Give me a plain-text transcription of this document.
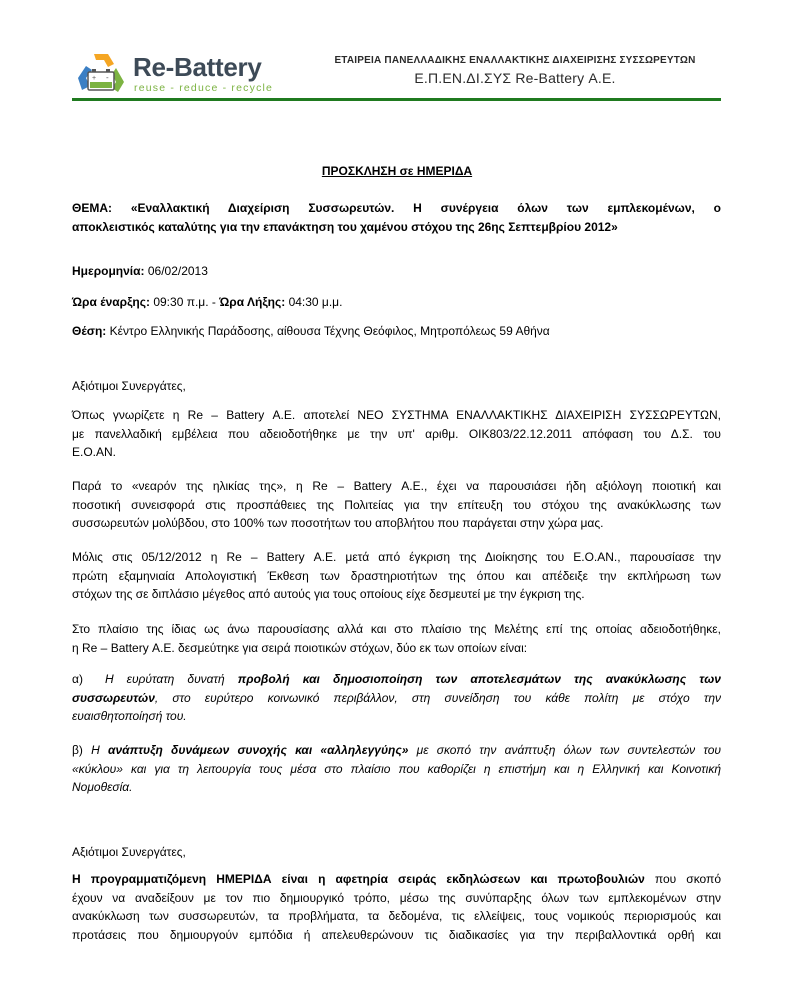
+ - Re-Battery
reuse - reduce - recycle
ΕΤΑΙΡΕΙΑ ΠΑΝΕΛΛΑΔΙΚΗΣ ΕΝΑΛΛΑΚΤΙΚΗΣ ΔΙΑΧΕΙΡΙΣΗΣ ΣΥΣΣΩΡΕΥΤΩΝ
Ε.Π.ΕΝ.ΔΙ.ΣΥΣ Re-Battery Α.Ε.
ΠΡΟΣΚΛΗΣΗ σε ΗΜΕΡΙΔΑ
ΘΕΜΑ: «Εναλλακτική Διαχείριση Συσσωρευτών. Η συνέργεια όλων των εμπλεκομένων, ο
αποκλειστικός καταλύτης για την επανάκτηση του χαμένου στόχου της 26ης Σεπτεμβρίου 2012»
Ημερομηνία: 06/02/2013
Ώρα έναρξης: 09:30 π.μ. - Ώρα Λήξης: 04:30 μ.μ.
Θέση: Κέντρο Ελληνικής Παράδοσης, αίθουσα Τέχνης Θεόφιλος, Μητροπόλεως 59 Αθήνα
Αξιότιμοι Συνεργάτες,
Όπως γνωρίζετε η Re – Battery Α.Ε. αποτελεί ΝΕΟ ΣΥΣΤΗΜΑ ΕΝΑΛΛΑΚΤΙΚΗΣ ΔΙΑΧΕΙΡΙΣΗ ΣΥΣΣΩΡΕΥΤΩΝ,
με πανελλαδική εμβέλεια που αδειοδοτήθηκε με την υπ' αριθμ. ΟΙΚ803/22.12.2011 απόφαση του Δ.Σ. του
Ε.Ο.ΑΝ.
Παρά το «νεαρόν της ηλικίας της», η Re – Battery Α.Ε., έχει να παρουσιάσει ήδη αξιόλογη ποιοτική και
ποσοτική συνεισφορά στις προσπάθειες της Πολιτείας για την επίτευξη του στόχου της ανακύκλωσης των
συσσωρευτών μολύβδου, στο 100% των ποσοτήτων του αποβλήτου που παράγεται στην χώρα μας.
Μόλις στις 05/12/2012 η Re – Battery Α.Ε. μετά από έγκριση της Διοίκησης του Ε.Ο.ΑΝ., παρουσίασε την
πρώτη εξαμηνιαία Απολογιστική Έκθεση των δραστηριοτήτων της όπου και απέδειξε την εκπλήρωση των
στόχων της σε διπλάσιο μέγεθος από αυτούς για τους οποίους είχε δεσμευτεί με την έγκριση της.
Στο πλαίσιο της ίδιας ως άνω παρουσίασης αλλά και στο πλαίσιο της Μελέτης επί της οποίας αδειοδοτήθηκε,
η Re – Battery Α.Ε. δεσμεύτηκε για σειρά ποιοτικών στόχων, δύο εκ των οποίων είναι:
α) Η ευρύτατη δυνατή προβολή και δημοσιοποίηση των αποτελεσμάτων της ανακύκλωσης των
συσσωρευτών, στο ευρύτερο κοινωνικό περιβάλλον, στη συνείδηση του κάθε πολίτη με στόχο την
ευαισθητοποίησή του.
β) Η ανάπτυξη δυνάμεων συνοχής και «αλληλεγγύης» με σκοπό την ανάπτυξη όλων των συντελεστών του
«κύκλου» και για τη λειτουργία τους μέσα στο πλαίσιο που καθορίζει η επιστήμη και η Ελληνική και Κοινοτική
Νομοθεσία.
Αξιότιμοι Συνεργάτες,
Η προγραμματιζόμενη ΗΜΕΡΙΔΑ είναι η αφετηρία σειράς εκδηλώσεων και πρωτοβουλιών που σκοπό
έχουν να αναδείξουν με τον πιο δημιουργικό τρόπο, μέσω της συνύπαρξης όλων των εμπλεκομένων στην
ανακύκλωση των συσσωρευτών, τα προβλήματα, τα δεδομένα, τις ελλείψεις, τους νομικούς περιορισμούς και
προτάσεις που δημιουργούν εμπόδια ή απελευθερώνουν τις διαδικασίες για την περιβαλλοντικά ορθή και
